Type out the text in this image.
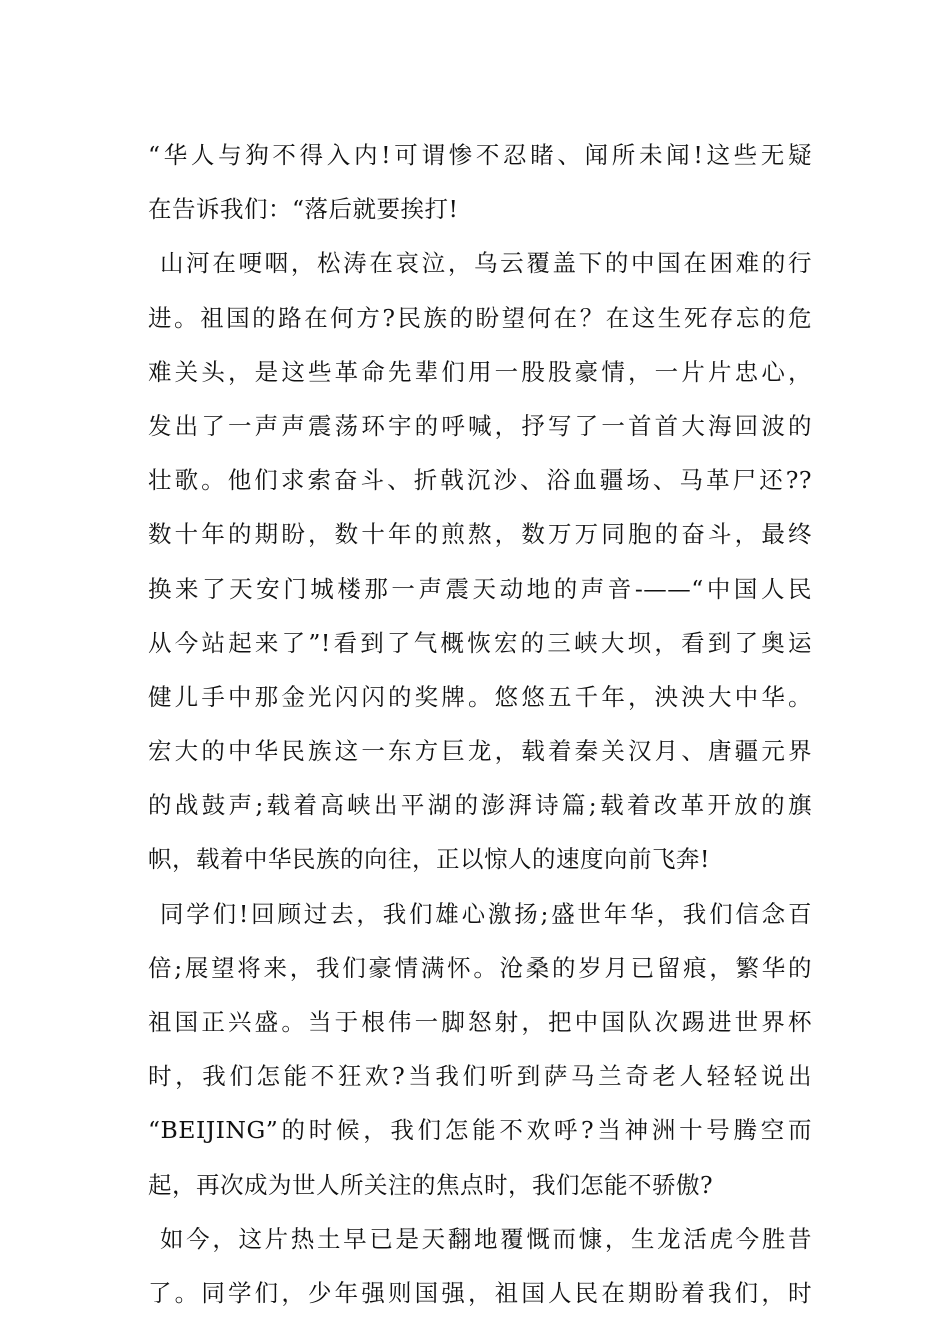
“华人与狗不得入内!可谓惨不忍睹、闻所未闻!这些无疑
在告诉我们：“落后就要挨打!
山河在哽咽，松涛在哀泣，乌云覆盖下的中国在困难的行
进。祖国的路在何方?民族的盼望何在？在这生死存忘的危
难关头，是这些革命先辈们用一股股豪情，一片片忠心，
发出了一声声震荡环宇的呼喊，抒写了一首首大海回波的
壮歌。他们求索奋斗、折戟沉沙、浴血疆场、马革尸还??
数十年的期盼，数十年的煎熬，数万万同胞的奋斗，最终
换来了天安门城楼那一声震天动地的声音-——“中国人民
从今站起来了”!看到了气概恢宏的三峡大坝，看到了奥运
健儿手中那金光闪闪的奖牌。悠悠五千年，泱泱大中华。
宏大的中华民族这一东方巨龙，载着秦关汉月、唐疆元界
的战鼓声;载着高峡出平湖的澎湃诗篇;载着改革开放的旗
帜，载着中华民族的向往，正以惊人的速度向前飞奔!
同学们!回顾过去，我们雄心激扬;盛世年华，我们信念百
倍;展望将来，我们豪情满怀。沧桑的岁月已留痕，繁华的
祖国正兴盛。当于根伟一脚怒射，把中国队次踢进世界杯
时，我们怎能不狂欢?当我们听到萨马兰奇老人轻轻说出
“BEIJING”的时候，我们怎能不欢呼?当神洲十号腾空而
起，再次成为世人所关注的焦点时，我们怎能不骄傲?
如今，这片热土早已是天翻地覆慨而慷，生龙活虎今胜昔
了。同学们，少年强则国强，祖国人民在期盼着我们，时
